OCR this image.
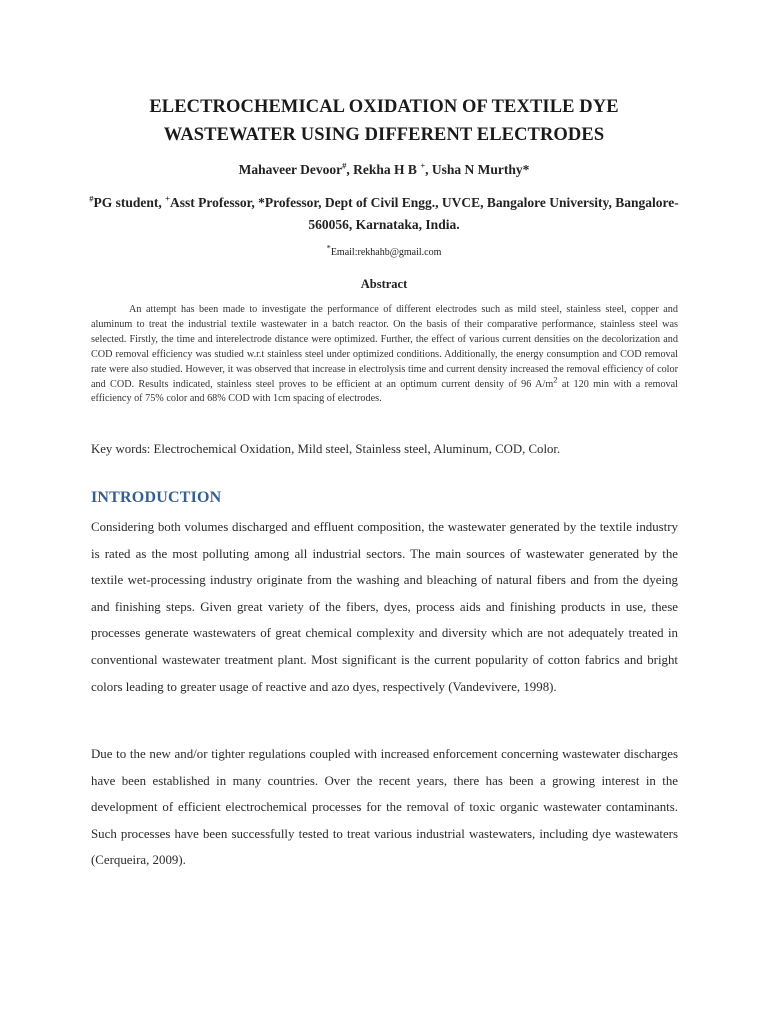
ELECTROCHEMICAL OXIDATION OF TEXTILE DYE
WASTEWATER USING DIFFERENT ELECTRODES
Mahaveer Devoor#, Rekha H B +, Usha N Murthy*
#PG student, +Asst Professor, *Professor, Dept of Civil Engg., UVCE, Bangalore University, Bangalore-560056, Karnataka, India.
*Email:rekhahb@gmail.com
Abstract
An attempt has been made to investigate the performance of different electrodes such as mild steel, stainless steel, copper and aluminum to treat the industrial textile wastewater in a batch reactor. On the basis of their comparative performance, stainless steel was selected. Firstly, the time and interelectrode distance were optimized. Further, the effect of various current densities on the decolorization and COD removal efficiency was studied w.r.t stainless steel under optimized conditions. Additionally, the energy consumption and COD removal rate were also studied. However, it was observed that increase in electrolysis time and current density increased the removal efficiency of color and COD. Results indicated, stainless steel proves to be efficient at an optimum current density of 96 $A/m^2$ at 120 min with a removal efficiency of 75% color and 68% COD with 1cm spacing of electrodes.
Key words: Electrochemical Oxidation, Mild steel, Stainless steel, Aluminum, COD, Color.
INTRODUCTION

Considering both volumes discharged and effluent composition, the wastewater generated by the textile industry is rated as the most polluting among all industrial sectors. The main sources of wastewater generated by the textile wet-processing industry originate from the washing and bleaching of natural fibers and from the dyeing and finishing steps. Given great variety of the fibers, dyes, process aids and finishing products in use, these processes generate wastewaters of great chemical complexity and diversity which are not adequately treated in conventional wastewater treatment plant. Most significant is the current popularity of cotton fabrics and bright colors leading to greater usage of reactive and azo dyes, respectively (Vandevivere, 1998).

Due to the new and/or tighter regulations coupled with increased enforcement concerning wastewater discharges have been established in many countries. Over the recent years, there has been a growing interest in the development of efficient electrochemical processes for the removal of toxic organic wastewater contaminants. Such processes have been successfully tested to treat various industrial wastewaters, including dye wastewaters (Cerqueira, 2009).
